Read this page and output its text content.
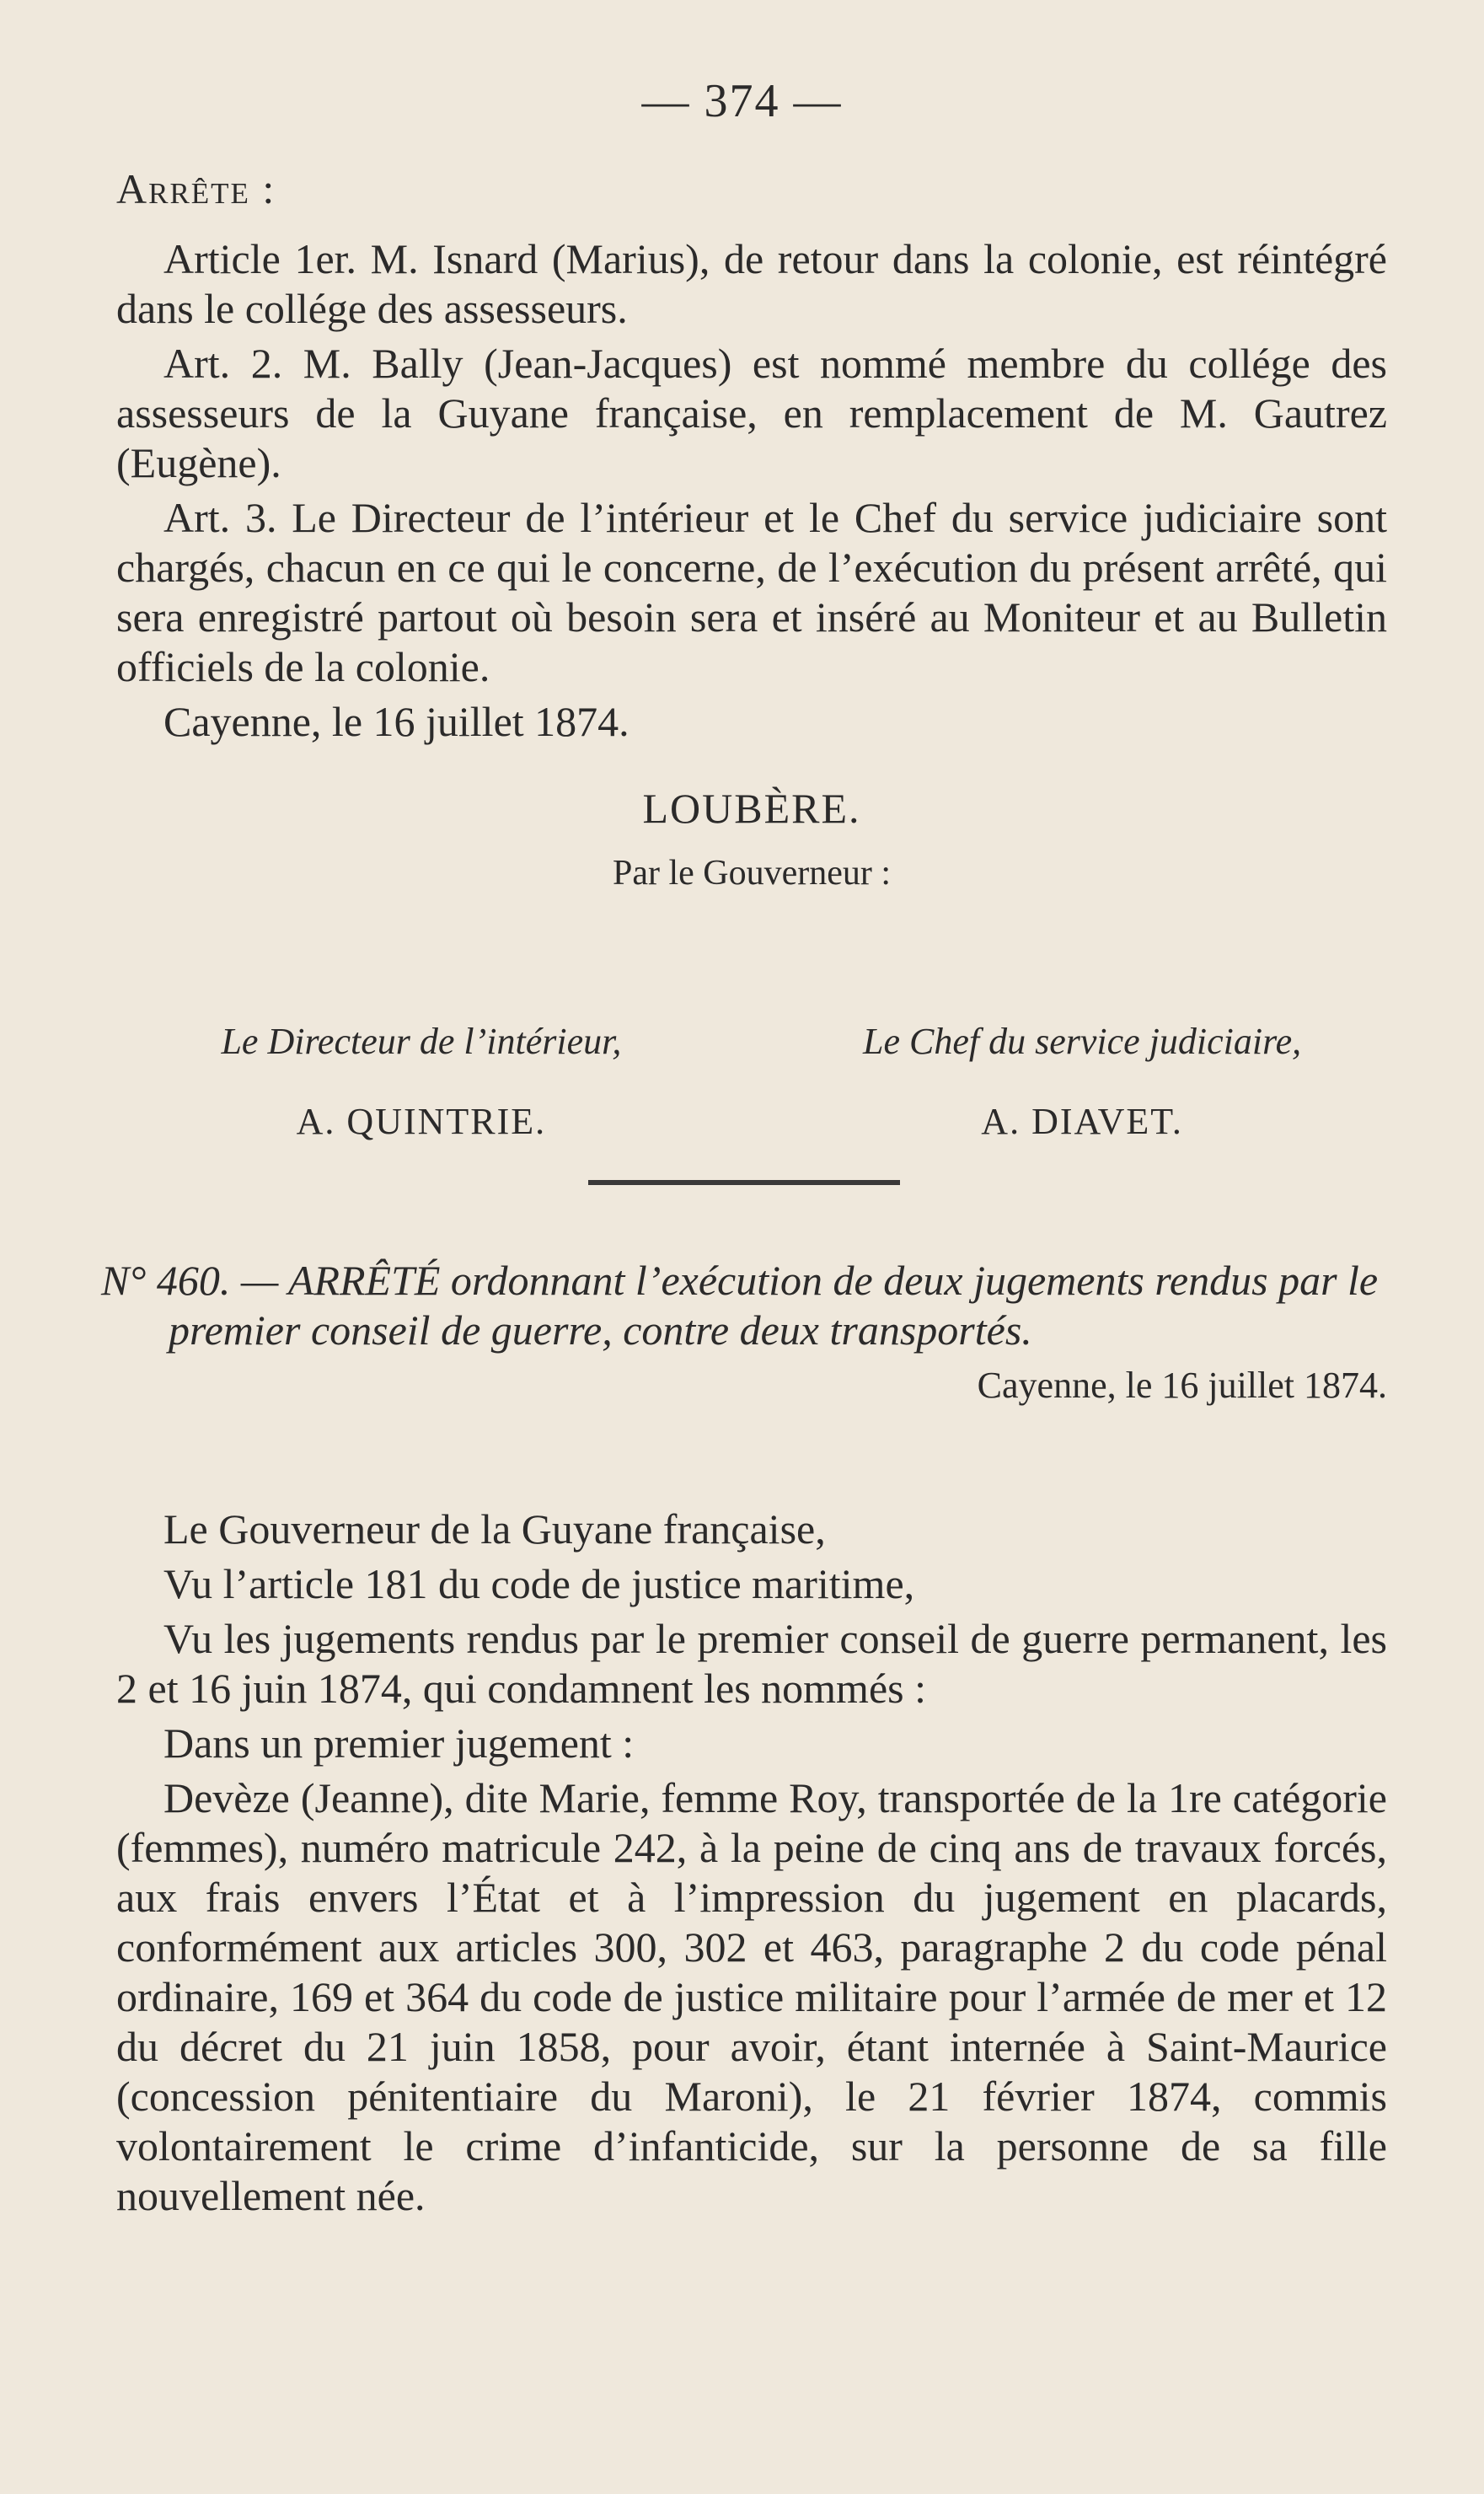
— 374 —

Arrête :

Article 1er. M. Isnard (Marius), de retour dans la colonie, est réintégré dans le collége des assesseurs.

Art. 2. M. Bally (Jean-Jacques) est nommé membre du collége des assesseurs de la Guyane française, en remplacement de M. Gautrez (Eugène).

Art. 3. Le Directeur de l’intérieur et le Chef du service judiciaire sont chargés, chacun en ce qui le concerne, de l’exécution du présent arrêté, qui sera enregistré partout où besoin sera et inséré au Moniteur et au Bulletin officiels de la colonie.

Cayenne, le 16 juillet 1874.

LOUBÈRE.

Par le Gouverneur :

Le Directeur de l’intérieur,	Le Chef du service judiciaire,
A. QUINTRIE.	A. DIAVET.

N° 460. — ARRÊTÉ ordonnant l’exécution de deux jugements rendus par le premier conseil de guerre, contre deux transportés.

Cayenne, le 16 juillet 1874.

Le Gouverneur de la Guyane française,

Vu l’article 181 du code de justice maritime,

Vu les jugements rendus par le premier conseil de guerre permanent, les 2 et 16 juin 1874, qui condamnent les nommés :

Dans un premier jugement :

Devèze (Jeanne), dite Marie, femme Roy, transportée de la 1re catégorie (femmes), numéro matricule 242, à la peine de cinq ans de travaux forcés, aux frais envers l’État et à l’impression du jugement en placards, conformément aux articles 300, 302 et 463, paragraphe 2 du code pénal ordinaire, 169 et 364 du code de justice militaire pour l’armée de mer et 12 du décret du 21 juin 1858, pour avoir, étant internée à Saint-Maurice (concession pénitentiaire du Maroni), le 21 février 1874, commis volontairement le crime d’infanticide, sur la personne de sa fille nouvellement née.
